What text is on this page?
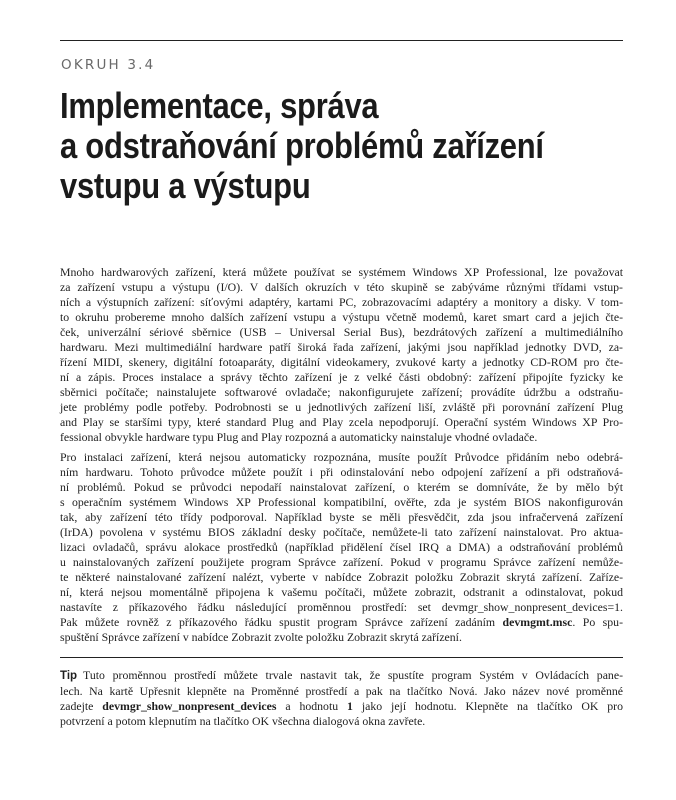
OKRUH 3.4
Implementace, správa
a odstraňování problémů zařízení
vstupu a výstupu

Mnoho hardwarových zařízení, která můžete používat se systémem Windows XP Professional, lze považovat
za zařízení vstupu a výstupu (I/O). V dalších okruzích v této skupině se zabýváme různými třídami vstup-
ních a výstupních zařízení: síťovými adaptéry, kartami PC, zobrazovacími adaptéry a monitory a disky. V tom-
to okruhu probereme mnoho dalších zařízení vstupu a výstupu včetně modemů, karet smart card a jejich čte-
ček, univerzální sériové sběrnice (USB – Universal Serial Bus), bezdrátových zařízení a multimediálního
hardwaru. Mezi multimediální hardware patří široká řada zařízení, jakými jsou například jednotky DVD, za-
řízení MIDI, skenery, digitální fotoaparáty, digitální videokamery, zvukové karty a jednotky CD-ROM pro čte-
ní a zápis. Proces instalace a správy těchto zařízení je z velké části obdobný: zařízení připojíte fyzicky ke
sběrnici počítače; nainstalujete softwarové ovladače; nakonfigurujete zařízení; provádíte údržbu a odstraňu-
jete problémy podle potřeby. Podrobnosti se u jednotlivých zařízení liší, zvláště při porovnání zařízení Plug
and Play se staršími typy, které standard Plug and Play zcela nepodporují. Operační systém Windows XP Pro-
fessional obvykle hardware typu Plug and Play rozpozná a automaticky nainstaluje vhodné ovladače.

Pro instalaci zařízení, která nejsou automaticky rozpoznána, musíte použít Průvodce přidáním nebo odebrá-
ním hardwaru. Tohoto průvodce můžete použít i při odinstalování nebo odpojení zařízení a při odstraňová-
ní problémů. Pokud se průvodci nepodaří nainstalovat zařízení, o kterém se domníváte, že by mělo být
s operačním systémem Windows XP Professional kompatibilní, ověřte, zda je systém BIOS nakonfigurován
tak, aby zařízení této třídy podporoval. Například byste se měli přesvědčit, zda jsou infračervená zařízení
(IrDA) povolena v systému BIOS základní desky počítače, nemůžete-li tato zařízení nainstalovat. Pro aktua-
lizaci ovladačů, správu alokace prostředků (například přidělení čísel IRQ a DMA) a odstraňování problémů
u nainstalovaných zařízení použijete program Správce zařízení. Pokud v programu Správce zařízení nemůže-
te některé nainstalované zařízení nalézt, vyberte v nabídce Zobrazit položku Zobrazit skrytá zařízení. Zaříze-
ní, která nejsou momentálně připojena k vašemu počítači, můžete zobrazit, odstranit a odinstalovat, pokud
nastavíte z příkazového řádku následující proměnnou prostředí: set devmgr_show_nonpresent_devices=1.
Pak můžete rovněž z příkazového řádku spustit program Správce zařízení zadáním devmgmt.msc. Po spu-
spuštění Správce zařízení v nabídce Zobrazit zvolte položku Zobrazit skrytá zařízení.

Tip Tuto proměnnou prostředí můžete trvale nastavit tak, že spustíte program Systém v Ovládacích pane-
lech. Na kartě Upřesnit klepněte na Proměnné prostředí a pak na tlačítko Nová. Jako název nové proměnné
zadejte devmgr_show_nonpresent_devices a hodnotu 1 jako její hodnotu. Klepněte na tlačítko OK pro
potvrzení a potom klepnutím na tlačítko OK všechna dialogová okna zavřete.
